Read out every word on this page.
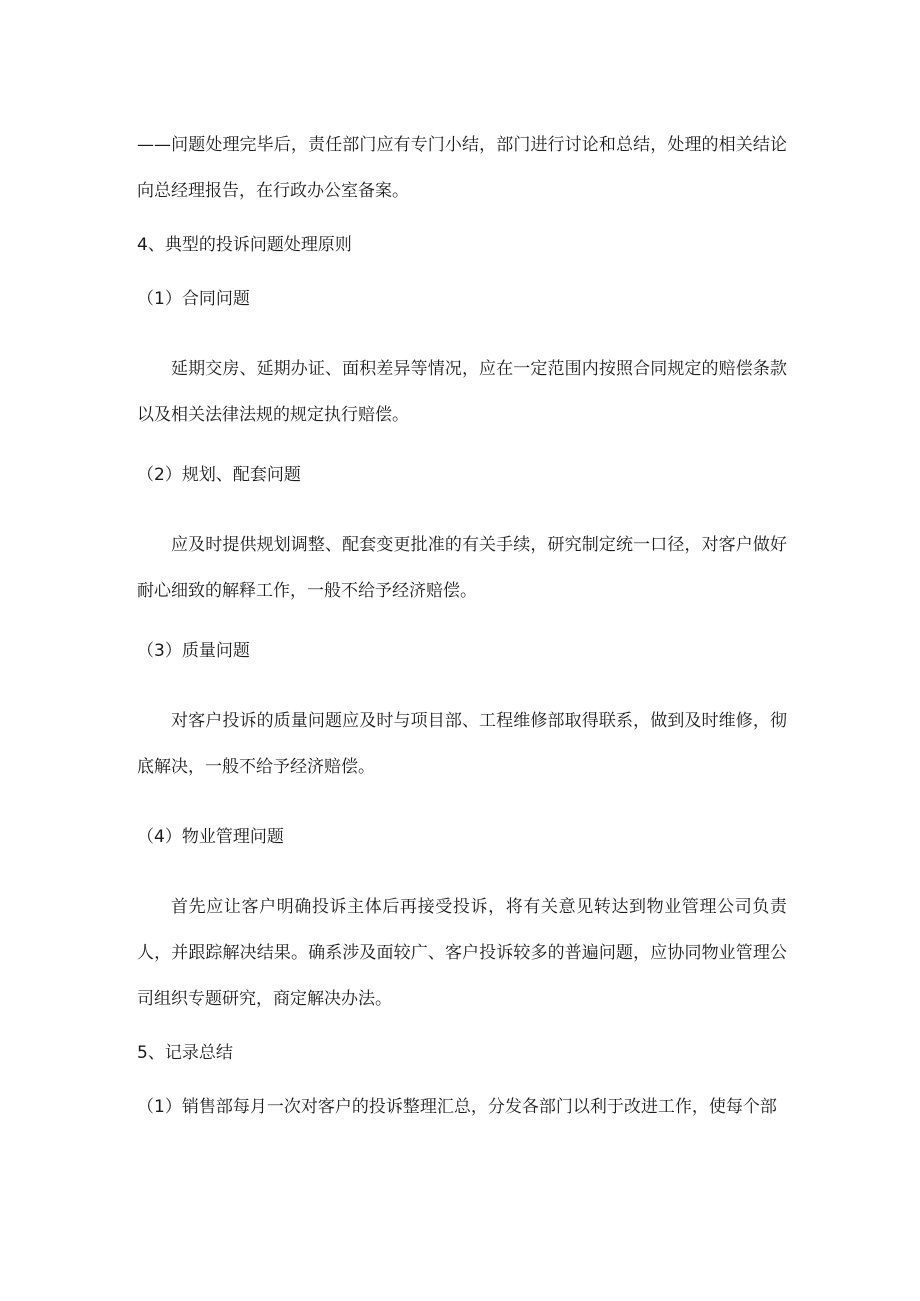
——问题处理完毕后，责任部门应有专门小结，部门进行讨论和总结，处理的相关结论向总经理报告，在行政办公室备案。

4、典型的投诉问题处理原则

（1）合同问题

延期交房、延期办证、面积差异等情况，应在一定范围内按照合同规定的赔偿条款以及相关法律法规的规定执行赔偿。

（2）规划、配套问题

应及时提供规划调整、配套变更批准的有关手续，研究制定统一口径，对客户做好耐心细致的解释工作，一般不给予经济赔偿。

（3）质量问题

对客户投诉的质量问题应及时与项目部、工程维修部取得联系，做到及时维修，彻底解决，一般不给予经济赔偿。

（4）物业管理问题

首先应让客户明确投诉主体后再接受投诉，将有关意见转达到物业管理公司负责人，并跟踪解决结果。确系涉及面较广、客户投诉较多的普遍问题，应协同物业管理公司组织专题研究，商定解决办法。

5、记录总结

（1）销售部每月一次对客户的投诉整理汇总，分发各部门以利于改进工作，使每个部
